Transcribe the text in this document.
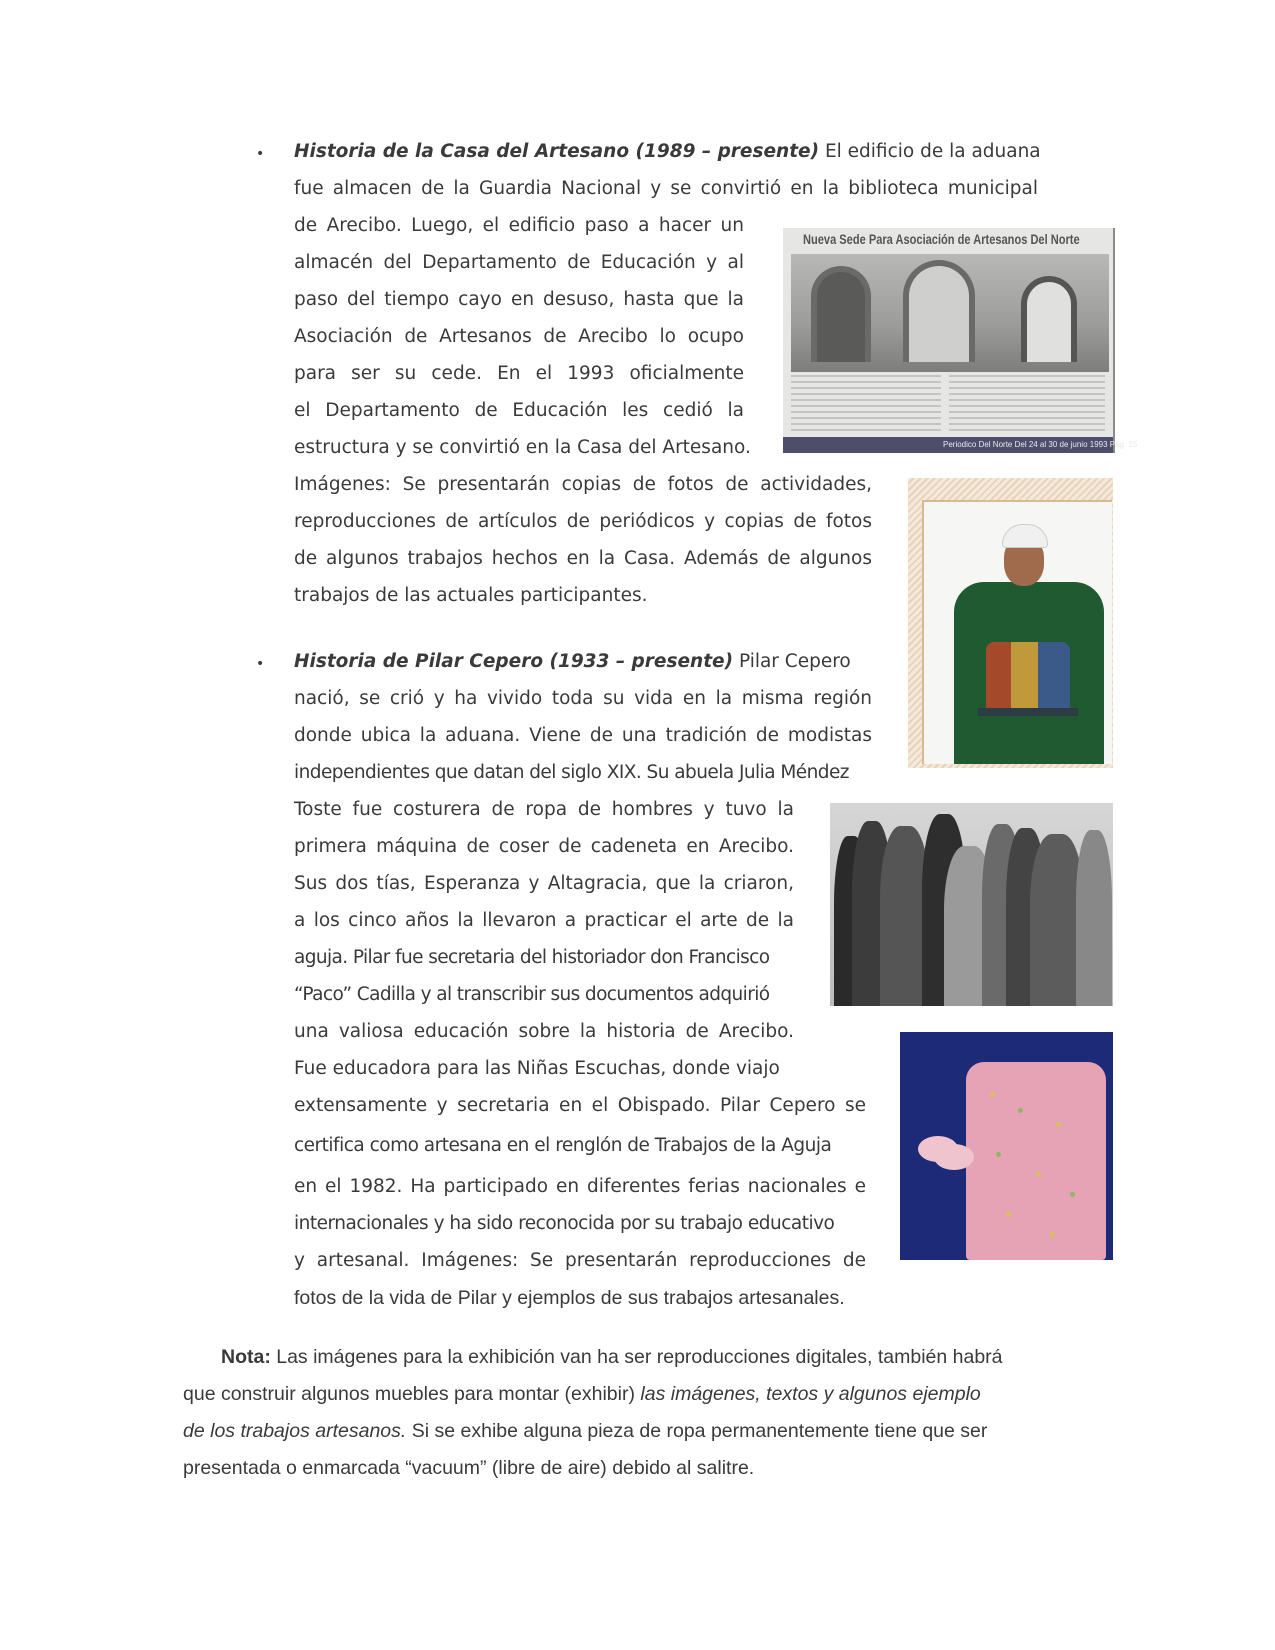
• Historia de la Casa del Artesano (1989 – presente) El edificio de la aduana
fue almacen de la Guardia Nacional y se convirtió en la biblioteca municipal
de Arecibo. Luego, el edificio paso a hacer un
almacén del Departamento de Educación y al
paso del tiempo cayo en desuso, hasta que la
Asociación de Artesanos de Arecibo lo ocupo
para ser su cede. En el 1993 oficialmente
el Departamento de Educación les cedió la
estructura y se convirtió en la Casa del Artesano.
Imágenes: Se presentarán copias de fotos de actividades,
reproducciones de artículos de periódicos y copias de fotos
de algunos trabajos hechos en la Casa. Además de algunos
trabajos de las actuales participantes.
Nueva Sede Para Asociación de Artesanos Del Norte
Periodico Del Norte Del 24 al 30 de junio 1993 Pág. 15
• Historia de Pilar Cepero (1933 – presente) Pilar Cepero
nació, se crió y ha vivido toda su vida en la misma región
donde ubica la aduana. Viene de una tradición de modistas
independientes que datan del siglo XIX. Su abuela Julia Méndez
Toste fue costurera de ropa de hombres y tuvo la
primera máquina de coser de cadeneta en Arecibo.
Sus dos tías, Esperanza y Altagracia, que la criaron,
a los cinco años la llevaron a practicar el arte de la
aguja. Pilar fue secretaria del historiador don Francisco
“Paco” Cadilla y al transcribir sus documentos adquirió
una valiosa educación sobre la historia de Arecibo.
Fue educadora para las Niñas Escuchas, donde viajo
extensamente y secretaria en el Obispado. Pilar Cepero se
certifica como artesana en el renglón de Trabajos de la Aguja
en el 1982. Ha participado en diferentes ferias nacionales e
internacionales y ha sido reconocida por su trabajo educativo
y artesanal. Imágenes: Se presentarán reproducciones de
fotos de la vida de Pilar y ejemplos de sus trabajos artesanales.
Nota: Las imágenes para la exhibición van ha ser reproducciones digitales, también habrá
que construir algunos muebles para montar (exhibir) las imágenes, textos y algunos ejemplo
de los trabajos artesanos. Si se exhibe alguna pieza de ropa permanentemente tiene que ser
presentada o enmarcada “vacuum” (libre de aire) debido al salitre.
